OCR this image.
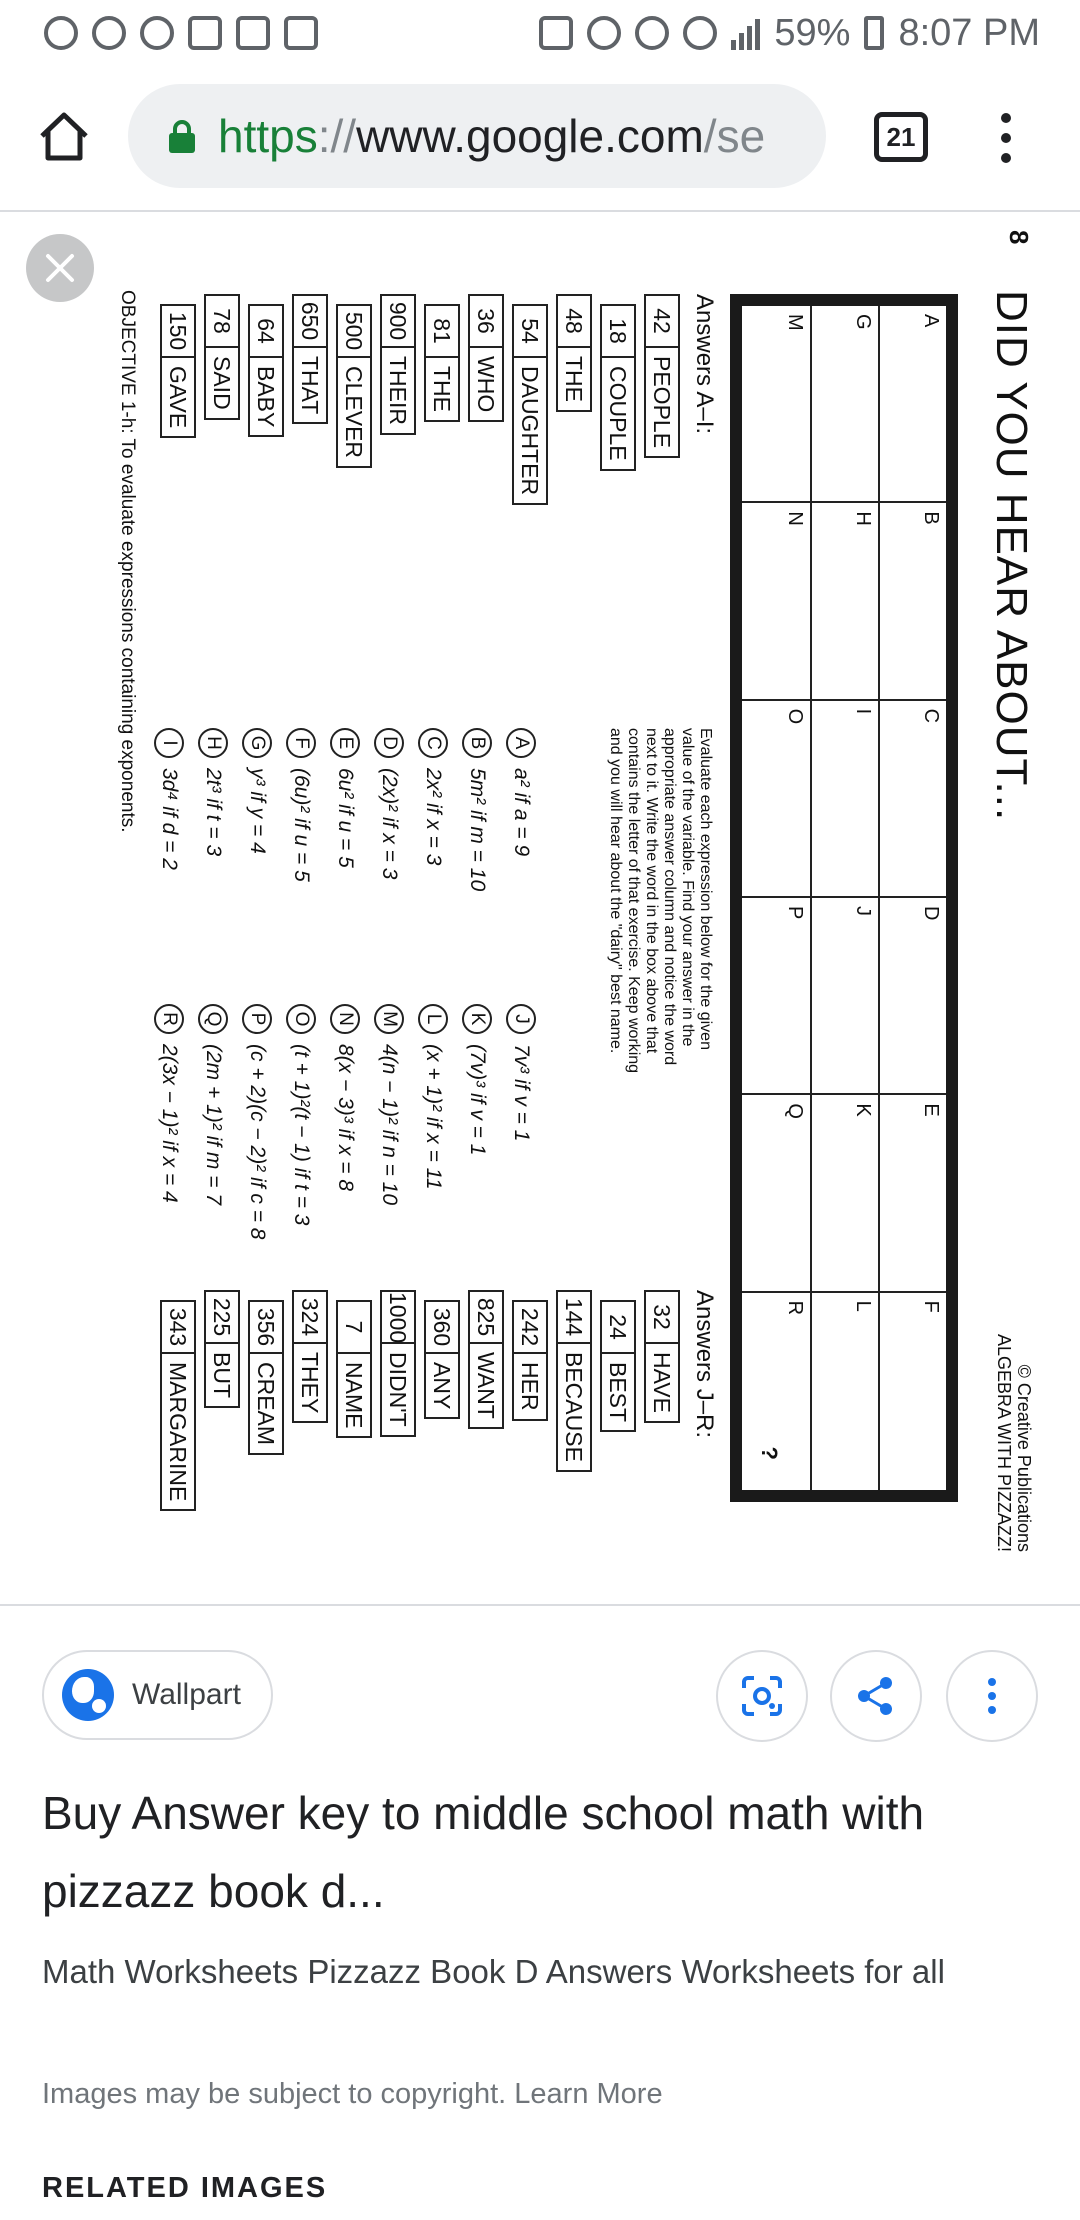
59% 8:07 PM
https://www.google.com/se	21
8
DID YOU HEAR ABOUT...
© Creative Publications
ALGEBRA WITH PIZZAZZ!
A
B
C
D
E
F
G
H
I
J
K
L
M
N
O
P
Q
R
?
Answers A–I:
42
PEOPLE
18
COUPLE
48
THE
54
DAUGHTER
36
WHO
81
THE
900
THEIR
500
CLEVER
650
THAT
64
BABY
78
SAID
150
GAVE
Evaluate each expression below for the given value of the variable. Find your answer in the appropriate answer column and notice the word next to it. Write the word in the box above that contains the letter of that exercise. Keep working and you will hear about the "dairy" best name.
A
a² if a = 9
B
5m² if m = 10
C
2x² if x = 3
D
(2x)² if x = 3
E
6u² if u = 5
F
(6u)² if u = 5
G
y³ if y = 4
H
2t³ if t = 3
I
3d⁴ if d = 2
J
7v³ if v = 1
K
(7v)³ if v = 1
L
(x + 1)² if x = 11
M
4(n − 1)² if n = 10
N
8(x − 3)³ if x = 8
O
(t + 1)²(t − 1) if t = 3
P
(c + 2)(c − 2)² if c = 8
Q
(2m + 1)² if m = 7
R
2(3x − 1)² if x = 4
Answers J–R:
32
HAVE
24
BEST
144
BECAUSE
242
HER
825
WANT
360
ANY
1000
DIDN'T
7
NAME
324
THEY
356
CREAM
225
BUT
343
MARGARINE
OBJECTIVE 1-h: To evaluate expressions containing exponents.
Wallpart
Buy Answer key to middle school math with pizzazz book d...
Math Worksheets Pizzazz Book D Answers Worksheets for all
Images may be subject to copyright. Learn More
RELATED IMAGES
